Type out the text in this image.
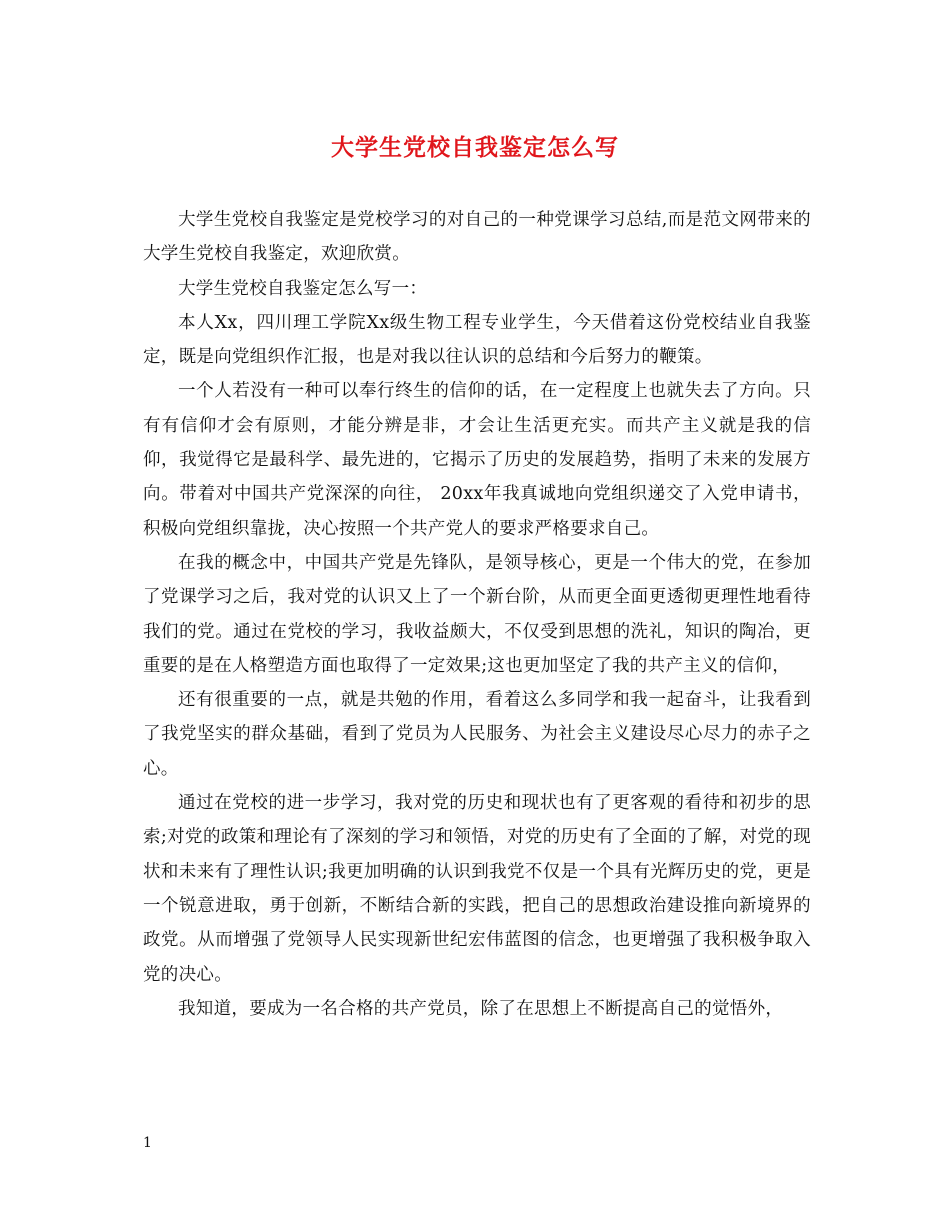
大学生党校自我鉴定怎么写

大学生党校自我鉴定是党校学习的对自己的一种党课学习总结,而是范文网带来的大学生党校自我鉴定，欢迎欣赏。

大学生党校自我鉴定怎么写一：

本人Xx，四川理工学院Xx级生物工程专业学生，今天借着这份党校结业自我鉴定，既是向党组织作汇报，也是对我以往认识的总结和今后努力的鞭策。

一个人若没有一种可以奉行终生的信仰的话，在一定程度上也就失去了方向。只有有信仰才会有原则，才能分辨是非，才会让生活更充实。而共产主义就是我的信仰，我觉得它是最科学、最先进的，它揭示了历史的发展趋势，指明了未来的发展方向。带着对中国共产党深深的向往， 20xx年我真诚地向党组织递交了入党申请书，积极向党组织靠拢，决心按照一个共产党人的要求严格要求自己。

在我的概念中，中国共产党是先锋队，是领导核心，更是一个伟大的党，在参加了党课学习之后，我对党的认识又上了一个新台阶，从而更全面更透彻更理性地看待我们的党。通过在党校的学习，我收益颇大，不仅受到思想的洗礼，知识的陶冶，更重要的是在人格塑造方面也取得了一定效果;这也更加坚定了我的共产主义的信仰，

还有很重要的一点，就是共勉的作用，看着这么多同学和我一起奋斗，让我看到了我党坚实的群众基础，看到了党员为人民服务、为社会主义建设尽心尽力的赤子之心。

通过在党校的进一步学习，我对党的历史和现状也有了更客观的看待和初步的思索;对党的政策和理论有了深刻的学习和领悟，对党的历史有了全面的了解，对党的现状和未来有了理性认识;我更加明确的认识到我党不仅是一个具有光辉历史的党，更是一个锐意进取，勇于创新，不断结合新的实践，把自己的思想政治建设推向新境界的政党。从而增强了党领导人民实现新世纪宏伟蓝图的信念，也更增强了我积极争取入党的决心。

我知道，要成为一名合格的共产党员，除了在思想上不断提高自己的觉悟外，

1
